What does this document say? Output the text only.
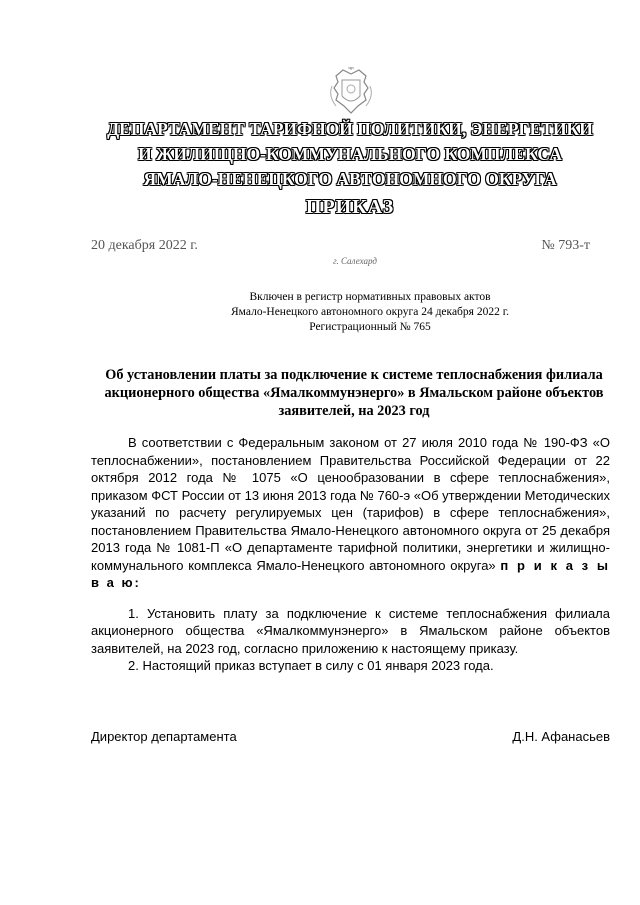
ДЕПАРТАМЕНТ ТАРИФНОЙ ПОЛИТИКИ, ЭНЕРГЕТИКИ
И ЖИЛИЩНО-КОММУНАЛЬНОГО КОМПЛЕКСА
ЯМАЛО-НЕНЕЦКОГО АВТОНОМНОГО ОКРУГА
ПРИКАЗ
20 декабря 2022 г.	№ 793-т
г. Салехард
Включен в регистр нормативных правовых актов
Ямало-Ненецкого автономного округа 24 декабря 2022 г.
Регистрационный № 765
Об установлении платы за подключение к системе теплоснабжения филиала акционерного общества «Ямалкоммунэнерго» в Ямальском районе объектов заявителей, на 2023 год

В соответствии с Федеральным законом от 27 июля 2010 года № 190-ФЗ «О теплоснабжении», постановлением Правительства Российской Федерации от 22 октября 2012 года № 1075 «О ценообразовании в сфере теплоснабжения», приказом ФСТ России от 13 июня 2013 года № 760-э «Об утверждении Методических указаний по расчету регулируемых цен (тарифов) в сфере теплоснабжения», постановлением Правительства Ямало-Ненецкого автономного округа от 25 декабря 2013 года № 1081-П «О департаменте тарифной политики, энергетики и жилищно-коммунального комплекса Ямало-Ненецкого автономного округа» п р и к а з ы в а ю:

1. Установить плату за подключение к системе теплоснабжения филиала акционерного общества «Ямалкоммунэнерго» в Ямальском районе объектов заявителей, на 2023 год, согласно приложению к настоящему приказу.

2. Настоящий приказ вступает в силу с 01 января 2023 года.

Директор департамента	Д.Н. Афанасьев
